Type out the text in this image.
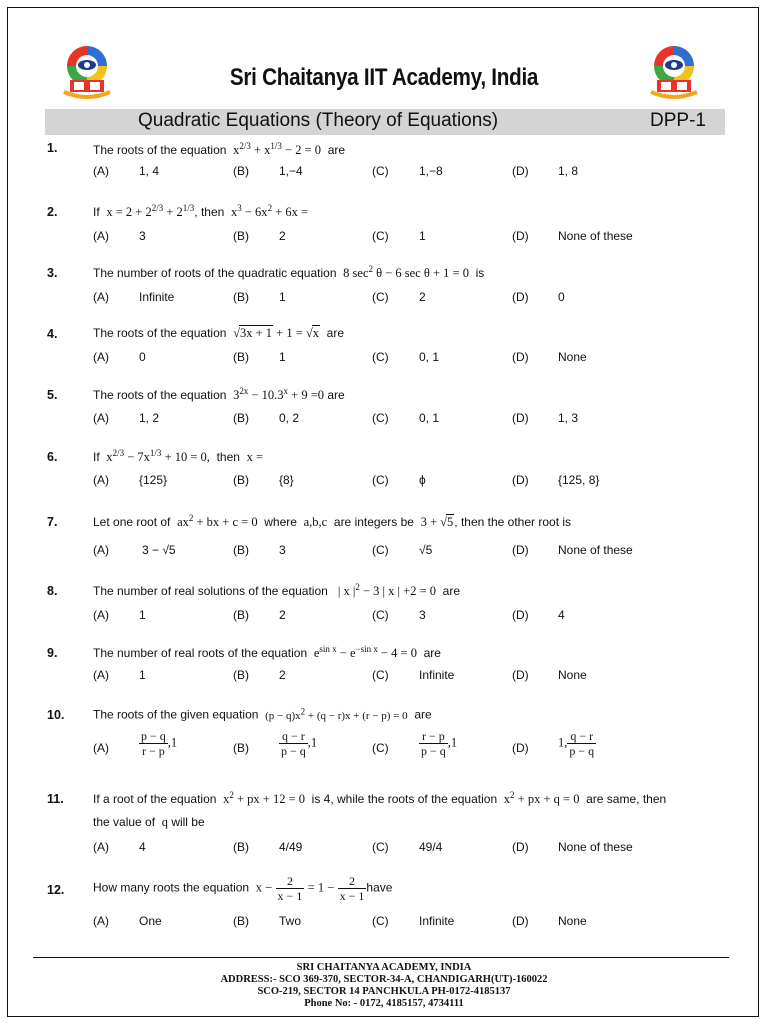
Sri Chaitanya IIT Academy, India
Quadratic Equations (Theory of Equations)	DPP-1
1.	The roots of the equation  $x^{2/3} + x^{1/3} - 2 = 0$  are
2.	If  $x = 2 + 2^{2/3} + 2^{1/3}$, then  $x^3 - 6x^2 + 6x$ =
3.	The number of roots of the quadratic equation  8 $\sec^2 \theta - 6$ sec θ + 1 = 0  is
4.	The roots of the equation  √3x + 1 + 1 = √x  are
5.	The roots of the equation  $3^{2x} - 10.3^x + 9 =0$ are
6.	If  $x^{2/3} - 7x^{1/3} + 10 = 0$,  then  x =
7.	Let one root of $ax^2$ + bx + c = 0 where a,b,c are integers be 3 + √5, then the other root is
8.	The number of real solutions of the equation   | x $|^2 - 3$ | x | +2 = 0  are
9.	The number of real roots of the equation  $e^{sin x} - e^{-sin x} - 4 = 0$  are
10. The roots of the given equation  $(p - q)x^2 + (q - r)x + (r - p) = 0$  are
11. If a root of the equation $x^2$ + px + 12 = 0 is 4, while the roots of the equation $x^2$ + px + q = 0 are same, then
the value of q will be
12. How many roots the equation $x - \frac{2}{x - 1} = 1 - \frac{2}{x - 1}$ have
(A)	1, 4	(B)	1,−4	(C)	1,−8	(D) 1, 8
(A)	3	(B)	2	(C)	1	(D) None of these
(A)	Infinite	(B)	1	(C)	2	(D) 0
(A)	0	(B)	1	(C)	0, 1	(D) None
(A)	1, 2	(B)	0, 2	(C)	0, 1	(D) 1, 3
(A)	{125}	(B)	{8}	(C)	ϕ	(D) {125, 8}
(A)	3 − √5	(B)	3	(C)	√5	(D) None of these
(A)	1	(B)	2	(C)	3	(D) 4
(A)	1	(B)	2	(C)	Infinite	(D) None
(A)	$\frac{p - q}{r - p} ,1$	(B)	$\frac{q - r}{p - q} ,1$	(C)	$\frac{r - p}{p - q} ,1$	(D) 1, $\frac{q - r}{p - q}$
(A)	4	(B)	4/49	(C)	49/4	(D) None of these
(A)	One	(B)	Two	(C)	Infinite	(D) None
SRI CHAITANYA ACADEMY, INDIA
ADDRESS:- SCO 369-370, SECTOR-34-A, CHANDIGARH(UT)-160022
SCO-219, SECTOR 14 PANCHKULA PH-0172-4185137
Phone No: - 0172, 4185157, 4734111
